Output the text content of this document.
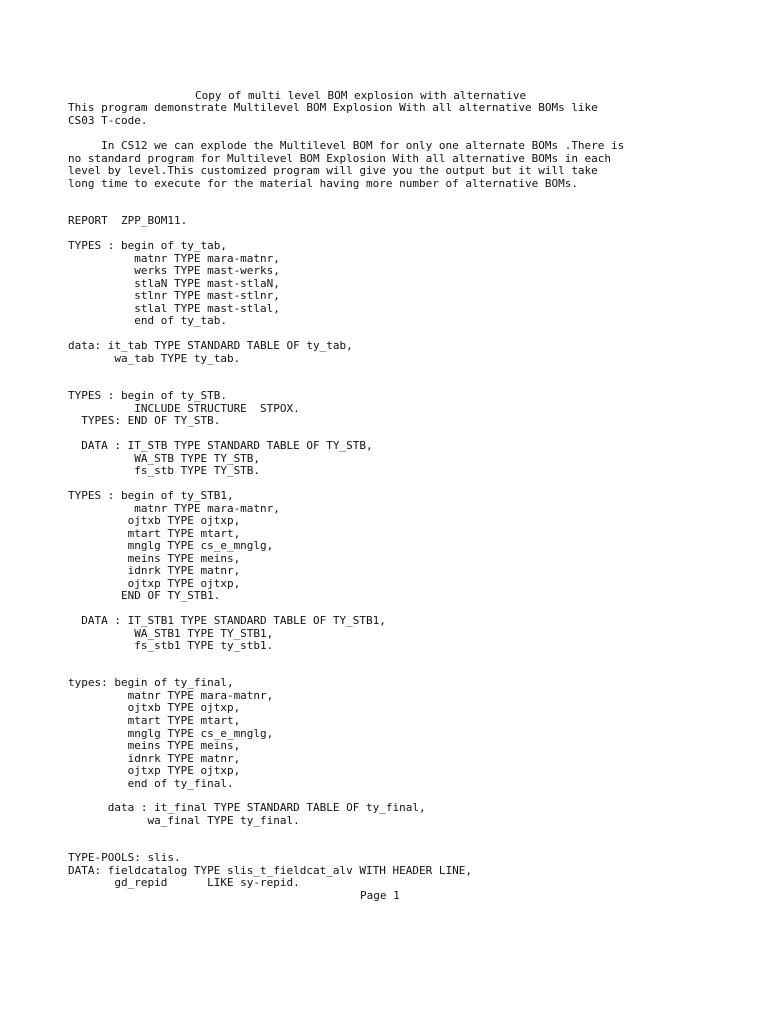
Copy of multi level BOM explosion with alternative
This program demonstrate Multilevel BOM Explosion With all alternative BOMs like
CS03 T-code.
In CS12 we can explode the Multilevel BOM for only one alternate BOMs .There is
no standard program for Multilevel BOM Explosion With all alternative BOMs in each
level by level.This customized program will give you the output but it will take
long time to execute for the material having more number of alternative BOMs.
REPORT  ZPP_BOM11.
TYPES : begin of ty_tab,
matnr TYPE mara-matnr,
werks TYPE mast-werks,
stlaN TYPE mast-stlaN,
stlnr TYPE mast-stlnr,
stlal TYPE mast-stlal,
end of ty_tab.
data: it_tab TYPE STANDARD TABLE OF ty_tab,
wa_tab TYPE ty_tab.
TYPES : begin of ty_STB.
INCLUDE STRUCTURE  STPOX.
TYPES: END OF TY_STB.
DATA : IT_STB TYPE STANDARD TABLE OF TY_STB,
WA_STB TYPE TY_STB,
fs_stb TYPE TY_STB.
TYPES : begin of ty_STB1,
matnr TYPE mara-matnr,
ojtxb TYPE ojtxp,
mtart TYPE mtart,
mnglg TYPE cs_e_mnglg,
meins TYPE meins,
idnrk TYPE matnr,
ojtxp TYPE ojtxp,
END OF TY_STB1.
DATA : IT_STB1 TYPE STANDARD TABLE OF TY_STB1,
WA_STB1 TYPE TY_STB1,
fs_stb1 TYPE ty_stb1.
types: begin of ty_final,
matnr TYPE mara-matnr,
ojtxb TYPE ojtxp,
mtart TYPE mtart,
mnglg TYPE cs_e_mnglg,
meins TYPE meins,
idnrk TYPE matnr,
ojtxp TYPE ojtxp,
end of ty_final.
data : it_final TYPE STANDARD TABLE OF ty_final,
wa_final TYPE ty_final.
TYPE-POOLS: slis.
DATA: fieldcatalog TYPE slis_t_fieldcat_alv WITH HEADER LINE,
gd_repid      LIKE sy-repid.
Page 1
